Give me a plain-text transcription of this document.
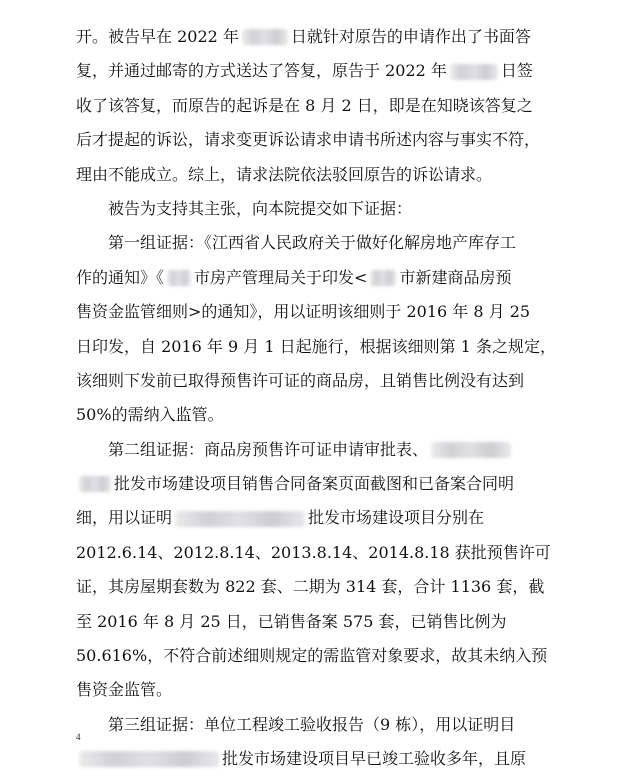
开。被告早在 2022 年	日就针对原告的申请作出了书面答
复，并通过邮寄的方式送达了答复，原告于 2022 年	日签
收了该答复，而原告的起诉是在 8 月 2 日，即是在知晓该答复之
后才提起的诉讼，请求变更诉讼请求申请书所述内容与事实不符，
理由不能成立。综上，请求法院依法驳回原告的诉讼请求。
　　被告为支持其主张，向本院提交如下证据：
　　第一组证据：《江西省人民政府关于做好化解房地产库存工
作的通知》《 市房产管理局关于印发< 市新建商品房预
售资金监管细则>的通知》，用以证明该细则于 2016 年 8 月 25
日印发，自 2016 年 9 月 1 日起施行，根据该细则第 1 条之规定，
该细则下发前已取得预售许可证的商品房，且销售比例没有达到
50%的需纳入监管。
　　第二组证据：商品房预售许可证申请审批表、
批发市场建设项目销售合同备案页面截图和已备案合同明
细，用以证明	批发市场建设项目分别在
2012.6.14、2012.8.14、2013.8.14、2014.8.18 获批预售许可
证，其房屋期套数为 822 套、二期为 314 套，合计 1136 套，截
至 2016 年 8 月 25 日，已销售备案 575 套，已销售比例为
50.616%，不符合前述细则规定的需监管对象要求，故其未纳入预
售资金监管。
　　第三组证据：单位工程竣工验收报告（9 栋），用以证明目
批发市场建设项目早已竣工验收多年，且原
4
